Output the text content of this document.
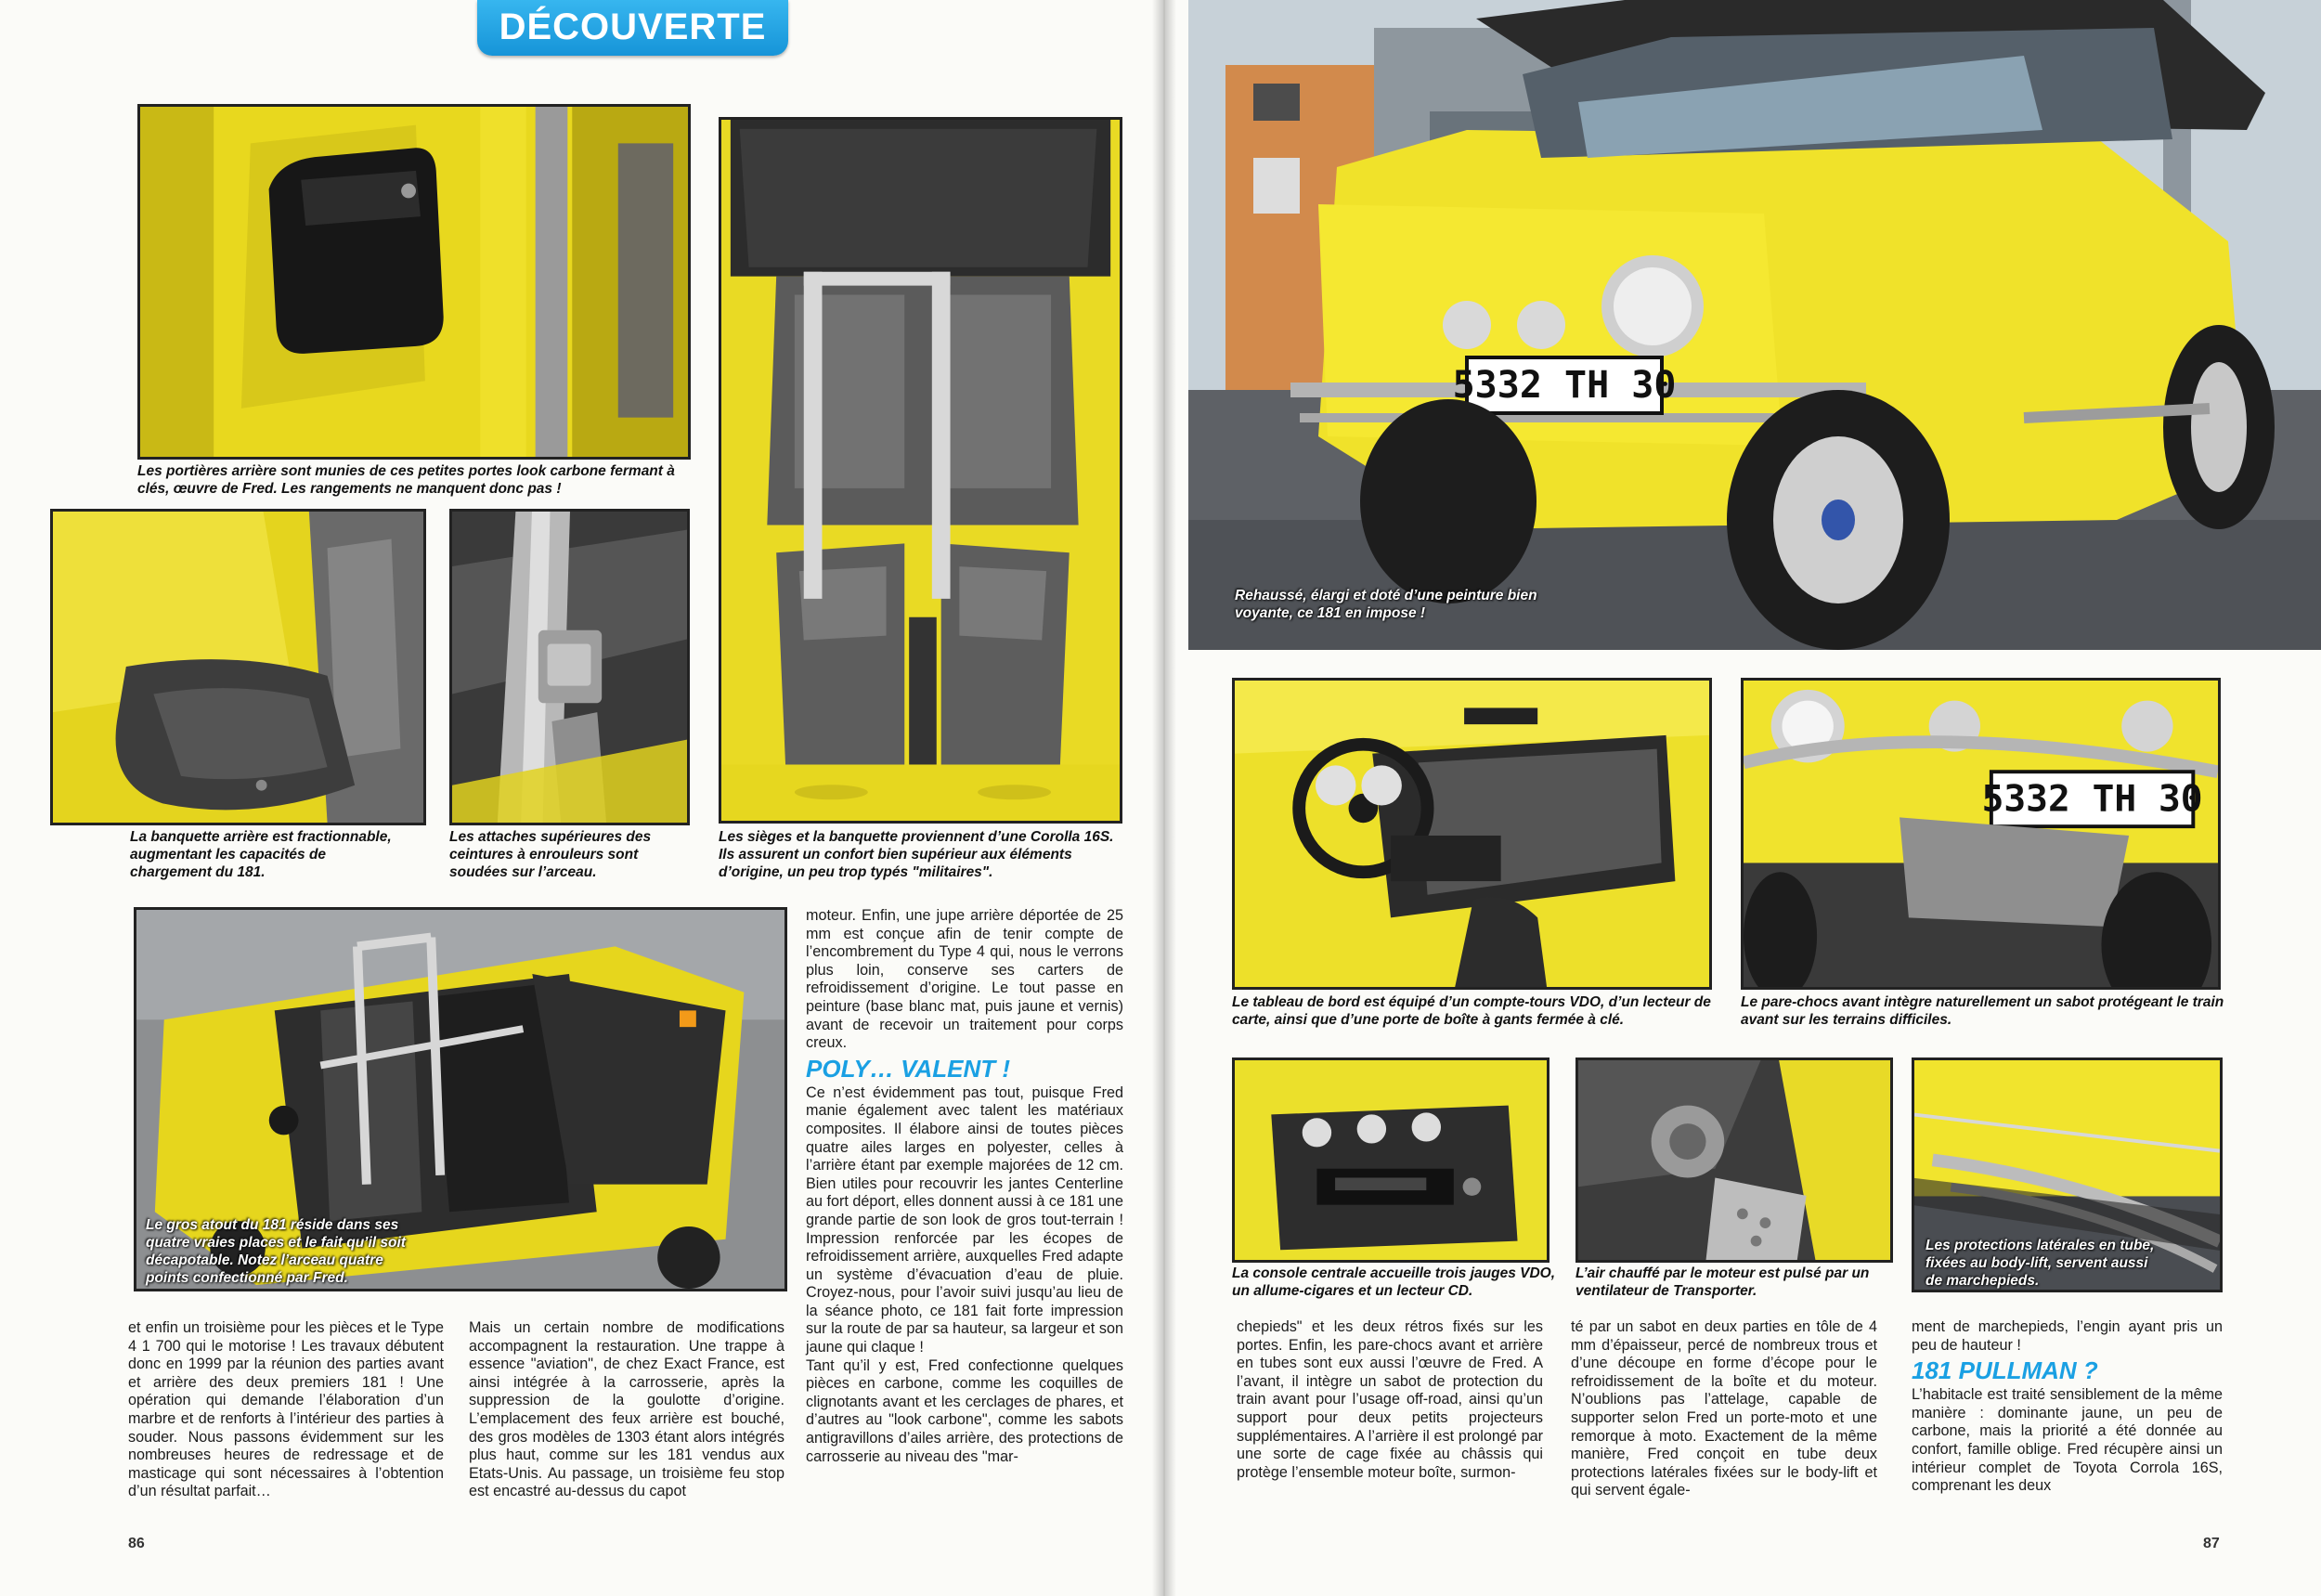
DÉCOUVERTE
Les portières arrière sont munies de ces petites portes look carbone fermant à clés, œuvre de Fred. Les rangements ne manquent donc pas !
La banquette arrière est fractionnable, augmentant les capacités de chargement du 181.
Les attaches supérieures des ceintures à enrouleurs sont soudées sur l’arceau.
Les sièges et la banquette proviennent d’une Corolla 16S. Ils assurent un confort bien supérieur aux éléments d’origine, un peu trop typés "militaires".
Le gros atout du 181 réside dans ses quatre vraies places et le fait qu’il soit décapotable. Notez l’arceau quatre points confectionné par Fred.

moteur. Enfin, une jupe arrière déportée de 25 mm est conçue afin de tenir compte de l’encombrement du Type 4 qui, nous le verrons plus loin, conserve ses carters de refroidissement d’origine. Le tout passe en peinture (base blanc mat, puis jaune et vernis) avant de recevoir un traitement pour corps creux.

POLY… VALENT !

Ce n’est évidemment pas tout, puisque Fred manie également avec talent les matériaux composites. Il élabore ainsi de toutes pièces quatre ailes larges en polyester, celles à l’arrière étant par exemple majorées de 12 cm. Bien utiles pour recouvrir les jantes Centerline au fort déport, elles donnent aussi à ce 181 une grande partie de son look de gros tout-terrain ! Impression renforcée par les écopes de refroidissement arrière, auxquelles Fred adapte un système d’évacuation d’eau de pluie. Croyez-nous, pour l’avoir suivi jusqu’au lieu de la séance photo, ce 181 fait forte impression sur la route de par sa hauteur, sa largeur et son jaune qui claque !

Tant qu’il y est, Fred confectionne quelques pièces en carbone, comme les coquilles de clignotants avant et les cerclages de phares, et d’autres au "look carbone", comme les sabots antigravillons d’ailes arrière, des protections de carrosserie au niveau des "mar-

et enfin un troisième pour les pièces et le Type 4 1 700 qui le motorise ! Les travaux débutent donc en 1999 par la réunion des parties avant et arrière des deux premiers 181 ! Une opération qui demande l’élaboration d’un marbre et de renforts à l’intérieur des parties à souder. Nous passons évidemment sur les nombreuses heures de redressage et de masticage qui sont nécessaires à l’obtention d’un résultat parfait…

Mais un certain nombre de modifications accompagnent la restauration. Une trappe à essence "aviation", de chez Exact France, est ainsi intégrée à la carrosserie, après la suppression de la goulotte d’origine. L’emplacement des feux arrière est bouché, des gros modèles de 1303 étant alors intégrés plus haut, comme sur les 181 vendus aux Etats-Unis. Au passage, un troisième feu stop est encastré au-dessus du capot

86
5332 TH 30
Rehaussé, élargi et doté d’une peinture bien voyante, ce 181 en impose !
Le tableau de bord est équipé d’un compte-tours VDO, d’un lecteur de carte, ainsi que d’une porte de boîte à gants fermée à clé.
5332 TH 30
Le pare-chocs avant intègre naturellement un sabot protégeant le train avant sur les terrains difficiles.
La console centrale accueille trois jauges VDO, un allume-cigares et un lecteur CD.
L’air chauffé par le moteur est pulsé par un ventilateur de Transporter.
Les protections latérales en tube, fixées au body-lift, servent aussi de marchepieds.

chepieds" et les deux rétros fixés sur les portes. Enfin, les pare-chocs avant et arrière en tubes sont eux aussi l’œuvre de Fred. A l’avant, il intègre un sabot de protection du train avant pour l’usage off-road, ainsi qu’un support pour deux petits projecteurs supplémentaires. A l’arrière il est prolongé par une sorte de cage fixée au châssis qui protège l’ensemble moteur boîte, surmon-

té par un sabot en deux parties en tôle de 4 mm d’épaisseur, percé de nombreux trous et d’une découpe en forme d’écope pour le refroidissement de la boîte et du moteur. N’oublions pas l’attelage, capable de supporter selon Fred un porte-moto et une remorque à moto. Exactement de la même manière, Fred conçoit en tube deux protections latérales fixées sur le body-lift et qui servent égale-

ment de marchepieds, l’engin ayant pris un peu de hauteur !

181 PULLMAN ?

L’habitacle est traité sensiblement de la même manière : dominante jaune, un peu de carbone, mais la priorité a été donnée au confort, famille oblige. Fred récupère ainsi un intérieur complet de Toyota Corrola 16S, comprenant les deux

87
